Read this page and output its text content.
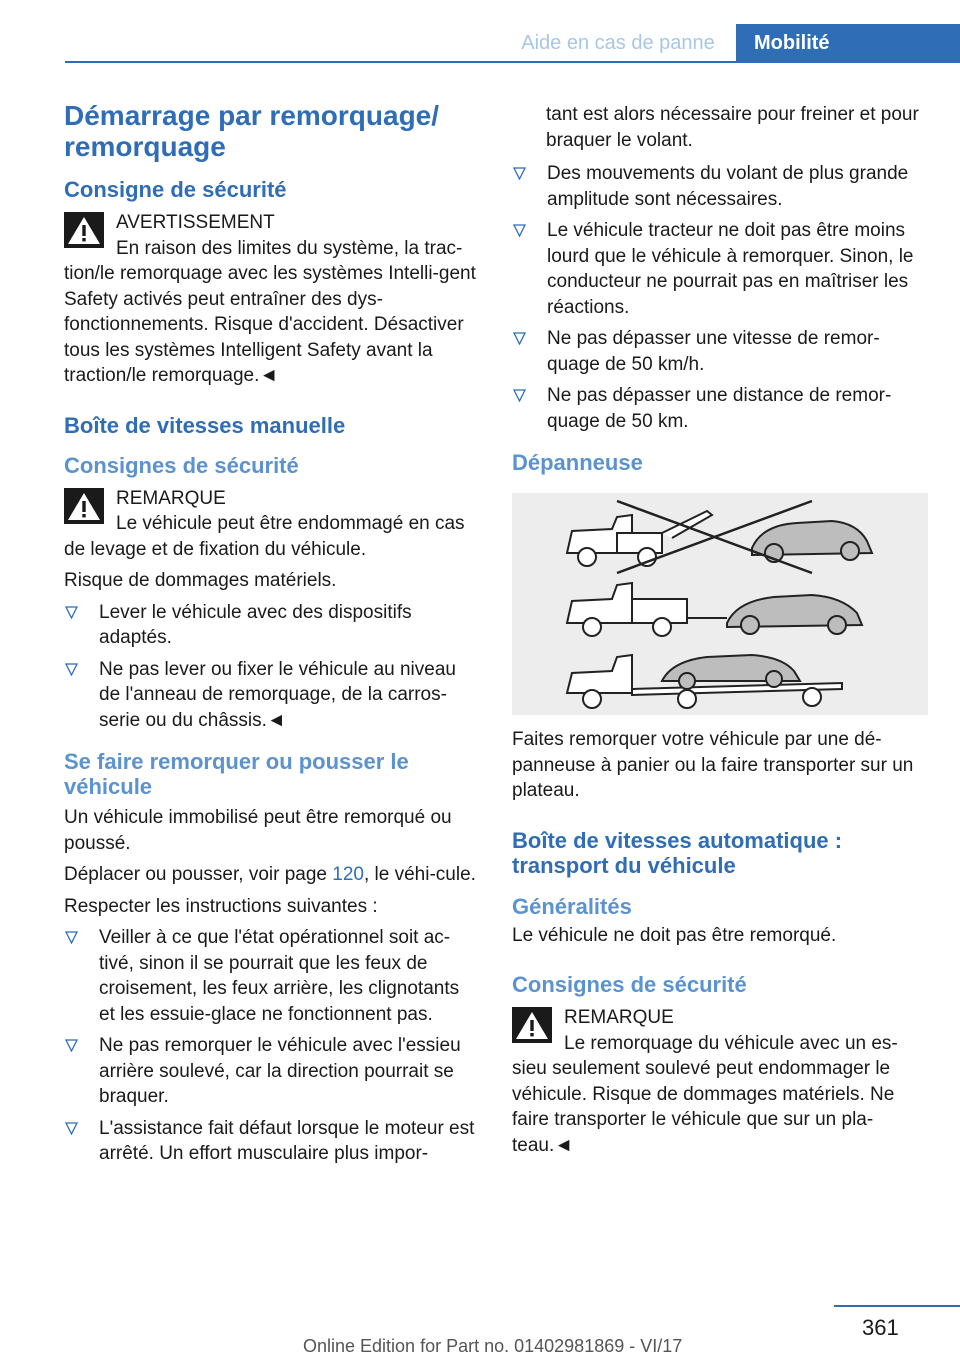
Aide en cas de panne	Mobilité
Démarrage par remorquage/ remorquage
Consigne de sécurité
AVERTISSEMENT
En raison des limites du système, la trac-tion/le remorquage avec les systèmes Intelli-gent Safety activés peut entraîner des dys-fonctionnements. Risque d'accident. Désactiver tous les systèmes Intelligent Safety avant la traction/le remorquage.◄
Boîte de vitesses manuelle
Consignes de sécurité
REMARQUE
Le véhicule peut être endommagé en cas de levage et de fixation du véhicule.
Risque de dommages matériels.
Lever le véhicule avec des dispositifs adaptés.
Ne pas lever ou fixer le véhicule au niveau de l'anneau de remorquage, de la carros-serie ou du châssis.◄
Se faire remorquer ou pousser le véhicule
Un véhicule immobilisé peut être remorqué ou poussé.
Déplacer ou pousser, voir page 120, le véhi-cule.
Respecter les instructions suivantes :
Veiller à ce que l'état opérationnel soit ac-tivé, sinon il se pourrait que les feux de croisement, les feux arrière, les clignotants et les essuie-glace ne fonctionnent pas.
Ne pas remorquer le véhicule avec l'essieu arrière soulevé, car la direction pourrait se braquer.
L'assistance fait défaut lorsque le moteur est arrêté. Un effort musculaire plus impor-
tant est alors nécessaire pour freiner et pour braquer le volant.
Des mouvements du volant de plus grande amplitude sont nécessaires.
Le véhicule tracteur ne doit pas être moins lourd que le véhicule à remorquer. Sinon, le conducteur ne pourrait pas en maîtriser les réactions.
Ne pas dépasser une vitesse de remor-quage de 50 km/h.
Ne pas dépasser une distance de remor-quage de 50 km.
Dépanneuse
Faites remorquer votre véhicule par une dé-panneuse à panier ou la faire transporter sur un plateau.
Boîte de vitesses automatique : transport du véhicule
Généralités
Le véhicule ne doit pas être remorqué.
Consignes de sécurité
REMARQUE
Le remorquage du véhicule avec un es-sieu seulement soulevé peut endommager le véhicule. Risque de dommages matériels. Ne faire transporter le véhicule que sur un pla-teau.◄
361
Online Edition for Part no. 01402981869 - VI/17
